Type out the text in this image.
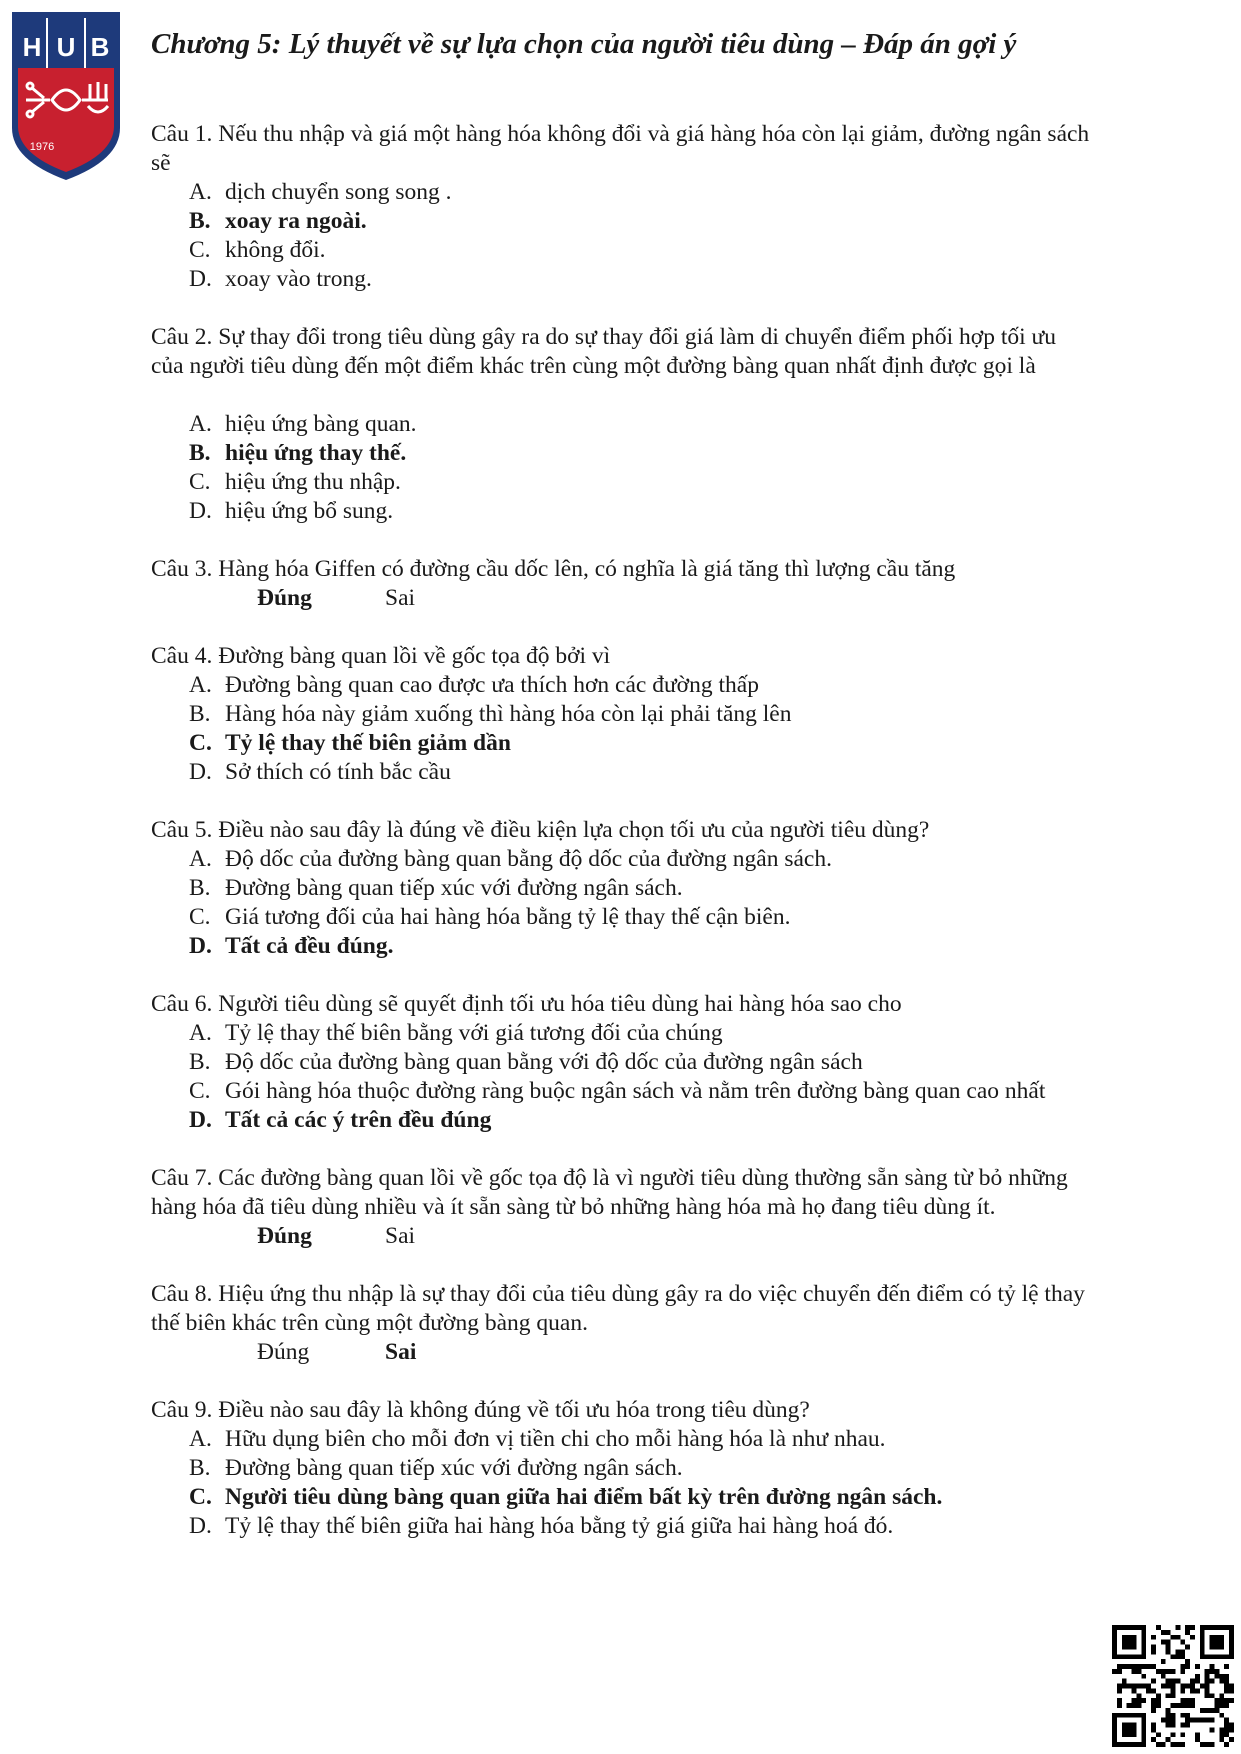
H U B
1976
Chương 5: Lý thuyết về sự lựa chọn của người tiêu dùng – Đáp án gợi ý

Câu 1. Nếu thu nhập và giá một hàng hóa không đổi và giá hàng hóa còn lại giảm, đường ngân sách sẽ

A. dịch chuyển song song .
B. xoay ra ngoài.
C. không đổi.
D. xoay vào trong.

Câu 2. Sự thay đổi trong tiêu dùng gây ra do sự thay đổi giá làm di chuyển điểm phối hợp tối ưu của người tiêu dùng đến một điểm khác trên cùng một đường bàng quan nhất định được gọi là

A. hiệu ứng bàng quan.
B. hiệu ứng thay thế.
C. hiệu ứng thu nhập.
D. hiệu ứng bổ sung.

Câu 3. Hàng hóa Giffen có đường cầu dốc lên, có nghĩa là giá tăng thì lượng cầu tăng

Đúng	Sai

Câu 4. Đường bàng quan lồi về gốc tọa độ bởi vì

A. Đường bàng quan cao được ưa thích hơn các đường thấp
B. Hàng hóa này giảm xuống thì hàng hóa còn lại phải tăng lên
C. Tỷ lệ thay thế biên giảm dần
D. Sở thích có tính bắc cầu

Câu 5. Điều nào sau đây là đúng về điều kiện lựa chọn tối ưu của người tiêu dùng?

A. Độ dốc của đường bàng quan bằng độ dốc của đường ngân sách.
B. Đường bàng quan tiếp xúc với đường ngân sách.
C. Giá tương đối của hai hàng hóa bằng tỷ lệ thay thế cận biên.
D. Tất cả đều đúng.

Câu 6. Người tiêu dùng sẽ quyết định tối ưu hóa tiêu dùng hai hàng hóa sao cho

A. Tỷ lệ thay thế biên bằng với giá tương đối của chúng
B. Độ dốc của đường bàng quan bằng với độ dốc của đường ngân sách
C. Gói hàng hóa thuộc đường ràng buộc ngân sách và nằm trên đường bàng quan cao nhất
D. Tất cả các ý trên đều đúng

Câu 7. Các đường bàng quan lồi về gốc tọa độ là vì người tiêu dùng thường sẵn sàng từ bỏ những hàng hóa đã tiêu dùng nhiều và ít sẵn sàng từ bỏ những hàng hóa mà họ đang tiêu dùng ít.

Đúng	Sai

Câu 8. Hiệu ứng thu nhập là sự thay đổi của tiêu dùng gây ra do việc chuyển đến điểm có tỷ lệ thay thế biên khác trên cùng một đường bàng quan.

Đúng	Sai

Câu 9. Điều nào sau đây là không đúng về tối ưu hóa trong tiêu dùng?

A. Hữu dụng biên cho mỗi đơn vị tiền chi cho mỗi hàng hóa là như nhau.
B. Đường bàng quan tiếp xúc với đường ngân sách.
C. Người tiêu dùng bàng quan giữa hai điểm bất kỳ trên đường ngân sách.
D. Tỷ lệ thay thế biên giữa hai hàng hóa bằng tỷ giá giữa hai hàng hoá đó.
